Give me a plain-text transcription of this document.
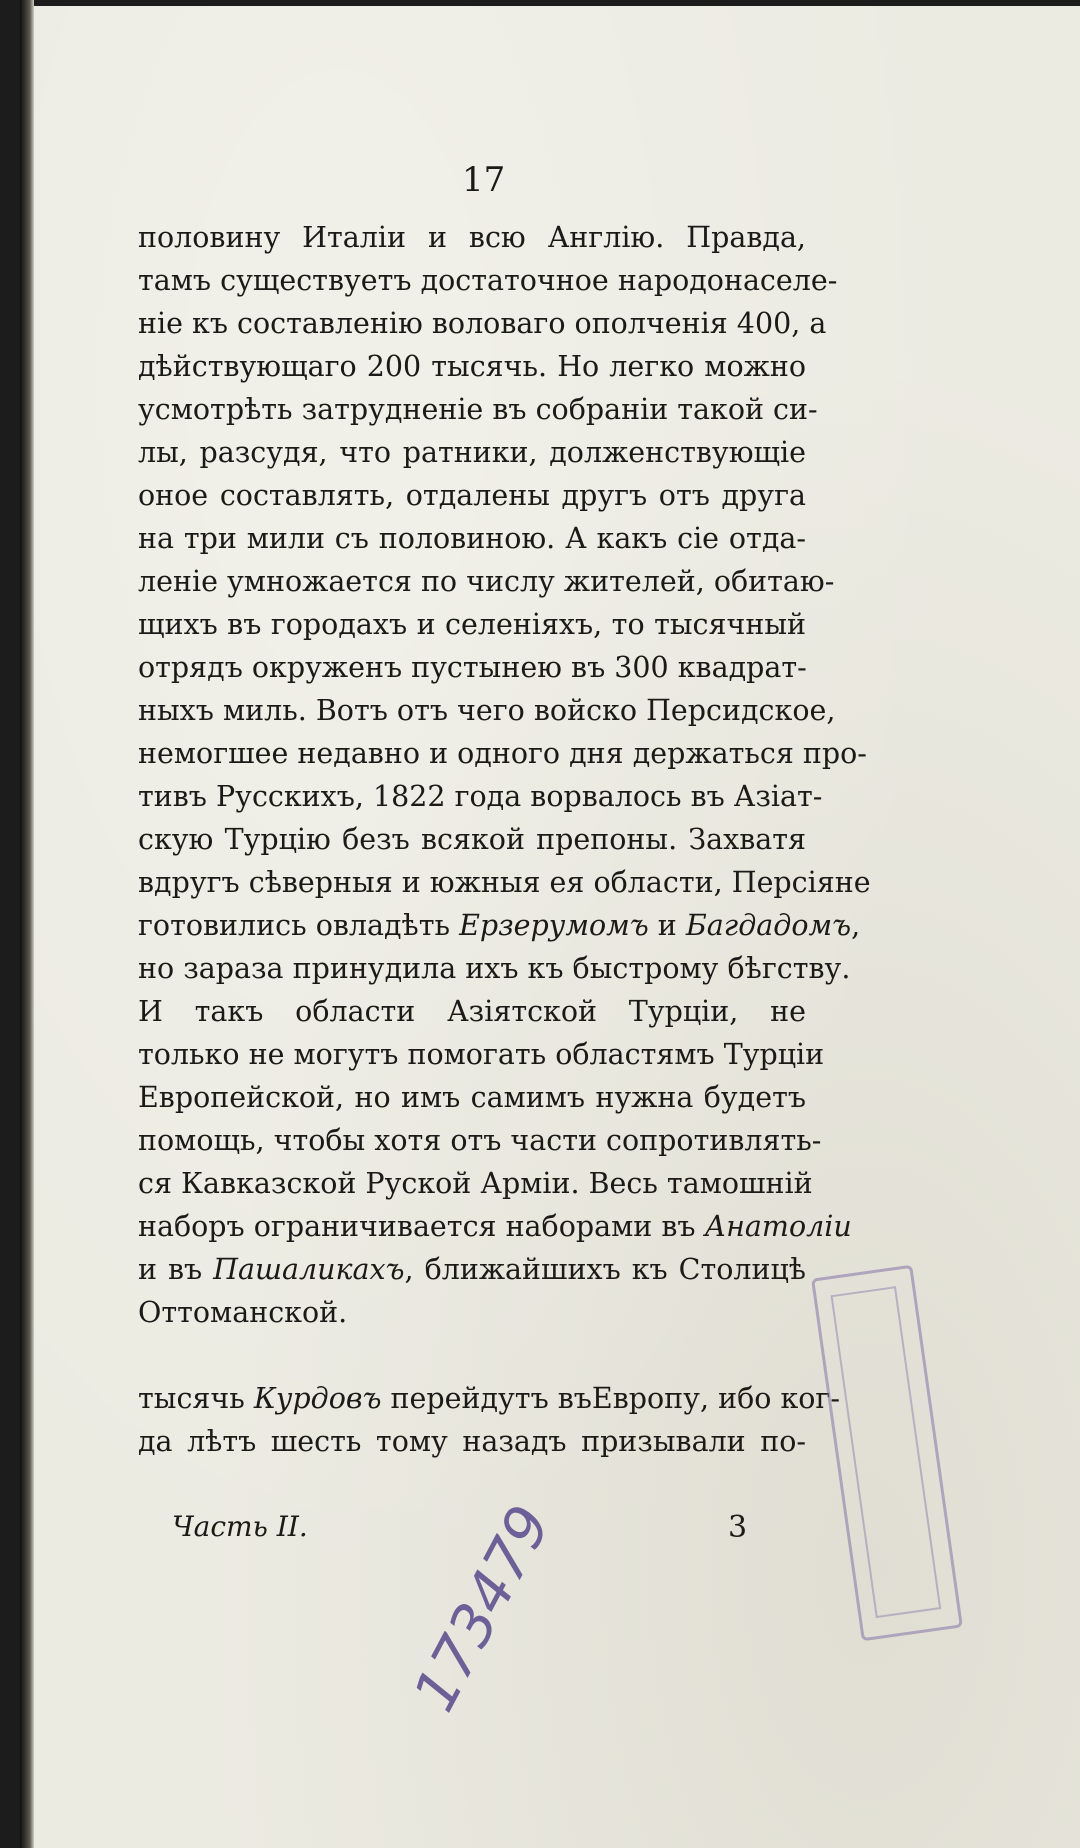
17
половину Италіи и всю Англію. Правда,
тамъ существуетъ достаточное народонаселе-
ніе къ составленію воловаго ополченія 400, а
дѣйствующаго 200 тысячь. Но легко можно
усмотрѣть затрудненіе въ собраніи такой си-
лы, разсудя, что ратники, долженствующіе
оное составлять, отдалены другъ отъ друга
на три мили съ половиною. А какъ сіе отда-
леніе умножается по числу жителей, обитаю-
щихъ въ городахъ и селеніяхъ, то тысячный
отрядъ окруженъ пустынею въ 300 квадрат-
ныхъ миль. Вотъ отъ чего войско Персидское,
немогшее недавно и одного дня держаться про-
тивъ Русскихъ, 1822 года ворвалось въ Азіат-
скую Турцію безъ всякой препоны. Захватя
вдругъ сѣверныя и южныя ея области, Персіяне
готовились овладѣть Ерзерумомъ и Багдадомъ,
но зараза принудила ихъ къ быстрому бѣгству.
И такъ области Азіятской Турціи, не
только не могутъ помогать областямъ Турціи
Европейской, но имъ самимъ нужна будетъ
помощь, чтобы хотя отъ части сопротивлять-
ся Кавказской Руской Арміи. Весь тамошній
наборъ ограничивается наборами въ Анатоліи
и въ Пашаликахъ, ближайшихъ къ Столицѣ
Оттоманской.
тысячь Курдовъ перейдутъ въЕвропу, ибо ког-
да лѣтъ шесть тому назадъ призывали по-
Часть II.	3
173479
